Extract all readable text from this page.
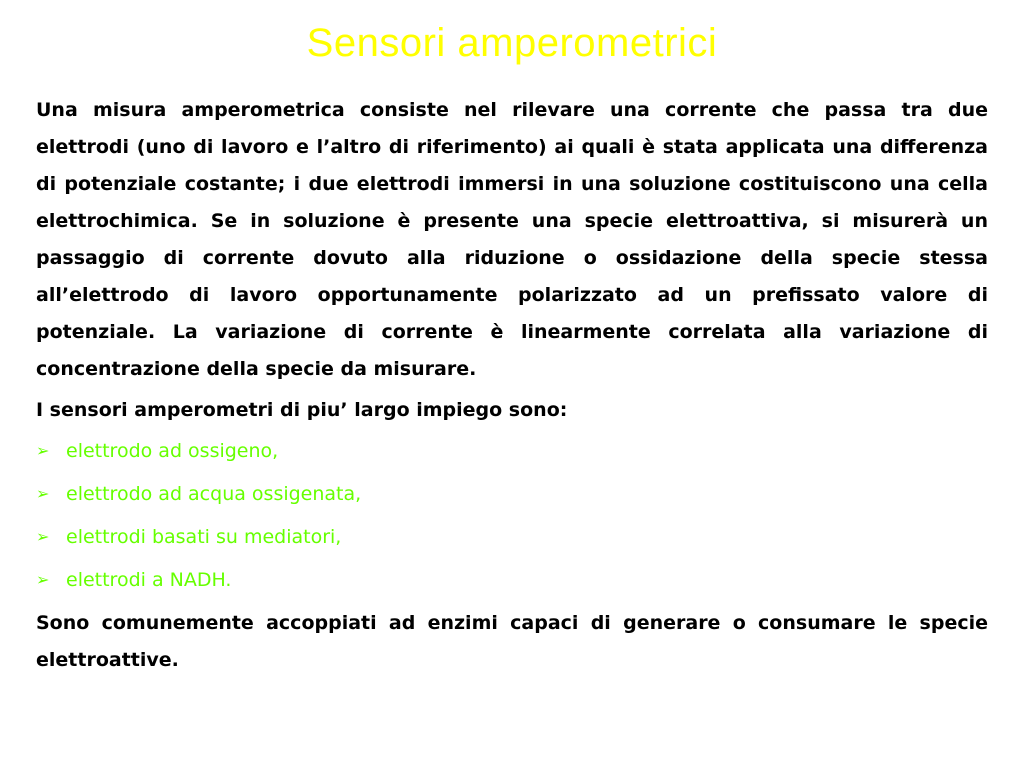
Sensori amperometrici

Una misura amperometrica consiste nel rilevare una corrente che passa tra due elettrodi (uno di lavoro e l’altro di riferimento) ai quali è stata applicata una differenza di potenziale costante; i due elettrodi immersi in una soluzione costituiscono una cella elettrochimica. Se in soluzione è presente una specie elettroattiva, si misurerà un passaggio di corrente dovuto alla riduzione o ossidazione della specie stessa all’elettrodo di lavoro opportunamente polarizzato ad un prefissato valore di potenziale. La variazione di corrente è linearmente correlata alla variazione di concentrazione della specie da misurare.

I sensori amperometri di piu’ largo impiego sono:

➢ elettrodo ad ossigeno,
➢ elettrodo ad acqua ossigenata,
➢ elettrodi basati su mediatori,
➢ elettrodi a NADH.

Sono comunemente accoppiati ad enzimi capaci di generare o consumare le specie elettroattive.
